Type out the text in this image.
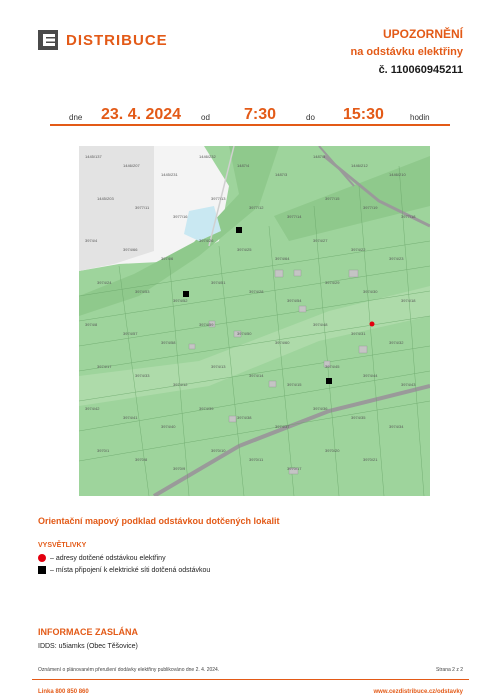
DISTRIBUCE	UPOZORNĚNÍ
na odstávku elektřiny
č. 110060945211
dne 23. 4. 2024 od 7:30	do 15:30	hodin
1445/137
1446/207
1445/231
1446/232
1487/4
1487/3
1487/5
1446/212
1446/210
1445/203
3977/11
3977/16
3977/13
3977/12
3977/14
3977/15
3977/19
3977/18
3974/4
3974/66
3974/6
3974/26
3974/25
3974/64
3974/27
3974/22
3974/23
3974/24
3974/53
3974/52
3974/51
3974/28
3974/54
3974/29
3974/30
3974/18
3974/8
3974/57
3974/58
3974/59
3974/50
3974/60
3974/48
3974/31
3974/32
3974/17
3974/33
3974/12
3974/13
3974/14
3974/15
3974/45
3974/44
3974/43
3974/42
3974/41
3974/40
3974/39
3974/38
3974/37
3974/36
3974/35
3974/34
3970/1
3970/8
3970/9
3970/10
3970/11
3970/17
3970/20
3970/21
Orientační mapový podklad odstávkou dotčených lokalit
VYSVĚTLIVKY
– adresy dotčené odstávkou elektřiny
– místa připojení k elektrické síti dotčená odstávkou
INFORMACE ZASLÁNA
IDDS: u5iamks (Obec Těšovice)
Oznámení o plánovaném přerušení dodávky elektřiny publikováno dne 2. 4. 2024.	Strana 2 z 2
Linka 800 850 860	www.cezdistribuce.cz/odstavky
